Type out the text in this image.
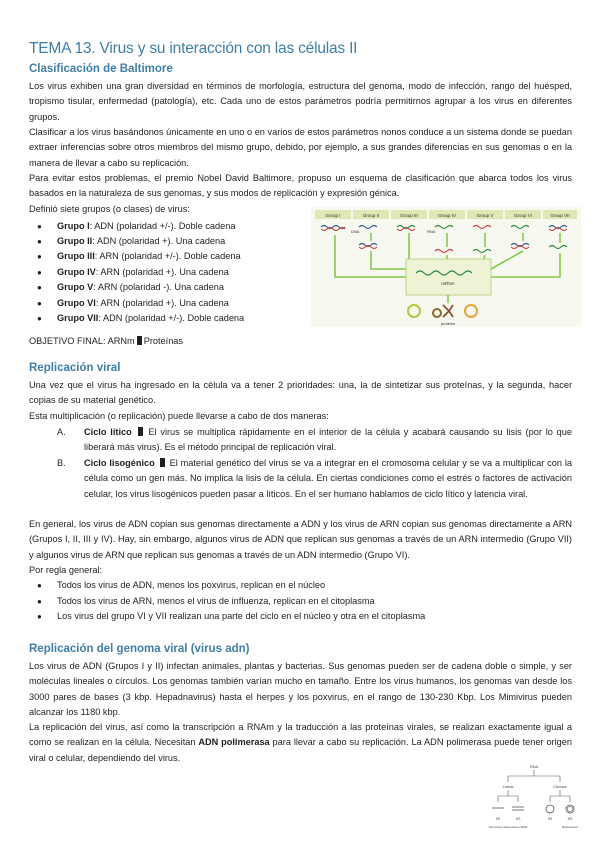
TEMA 13. Virus y su interacción con las células II
Clasificación de Baltimore
Los virus exhiben una gran diversidad en términos de morfología, estructura del genoma, modo de infección, rango del huésped, tropismo tisular, enfermedad (patología), etc. Cada uno de estos parámetros podría permitirnos agrupar a los virus en diferentes grupos.
Clasificar a los virus basándonos únicamente en uno o en varios de estos parámetros nonos conduce a un sistema donde se puedan extraer inferencias sobre otros miembros del mismo grupo, debido, por ejemplo, a sus grandes diferencias en sus genomas o en la manera de llevar a cabo su replicación.
Para evitar estos problemas, el premio Nobel David Baltimore, propuso un esquema de clasificación que abarca todos los virus basados en la naturaleza de sus genomas, y sus modos de replicación y expresión génica.
Definió siete grupos (o clases) de virus:
● Grupo I: ADN (polaridad +/-). Doble cadena
● Grupo II: ADN (polaridad +). Una cadena
● Grupo III: ARN (polaridad +/-). Doble cadena
● Grupo IV: ARN (polaridad +). Una cadena
● Grupo V: ARN (polaridad -). Una cadena
● Grupo VI: ARN (polaridad +). Una cadena
● Grupo VII: ADN (polaridad +/-). Doble cadena
OBJETIVO FINAL: ARNm Proteínas
Group I	Group II	Group III	Group IV	Group V	Group VI	Group VII
DNA	RNA
mRNA
proteins
Replicación viral
Una vez que el virus ha ingresado en la célula va a tener 2 prioridades: una, la de sintetizar sus proteínas, y la segunda, hacer copias de su material genético.
Esta multiplicación (o replicación) puede llevarse a cabo de dos maneras:
A. Ciclo lítico El virus se multiplica rápidamente en el interior de la célula y acabará causando su lisis (por lo que liberará más virus). Es el método principal de replicación viral.
B. Ciclo lisogénico El material genético del virus se va a integrar en el cromosoma celular y se va a multiplicar con la célula como un gen más. No implica la lisis de la célula. En ciertas condiciones como el estrés o factores de activación celular, los virus lisogénicos pueden pasar a líticos. En el ser humano hablamos de ciclo lítico y latencia viral.
En general, los virus de ADN copian sus genomas directamente a ADN y los virus de ARN copian sus genomas directamente a ARN (Grupos I, II, III y IV). Hay, sin embargo, algunos virus de ADN que replican sus genomas a través de un ARN intermedio (Grupo VII) y algunos virus de ARN que replican sus genomas a través de un ADN intermedio (Grupo VI).
Por regla general:
● Todos los virus de ADN, menos los poxvirus, replican en el núcleo
● Todos los virus de ARN, menos el virus de influenza, replican en el citoplasma
● Los virus del grupo VI y VII realizan una parte del ciclo en el núcleo y otra en el citoplasma
Replicación del genoma viral (virus adn)
Los virus de ADN (Grupos I y II) infectan animales, plantas y bacterias. Sus genomas pueden ser de cadena doble o simple, y ser moléculas lineales o círculos. Los genomas también varían mucho en tamaño. Entre los virus humanos, los genomas van desde los 3000 pares de bases (3 kbp. Hepadnavirus) hasta el herpes y los poxvirus, en el rango de 130-230 Kbp. Los Mimivirus pueden alcanzar los 1180 kbp.
La replicación del virus, así como la transcripción a RNAm y la traducción a las proteínas virales, se realizan exactamente igual a como se realizan en la célula. Necesitan ADN polimerasa para llevar a cabo su replicación. La ADN polimerasa puede tener origen viral o celular, dependiendo del virus.
DNA
Lineal	Circular
SS	DS	SS	DS
Parvovirus Herpesvirus SIRE	Baculovirus
